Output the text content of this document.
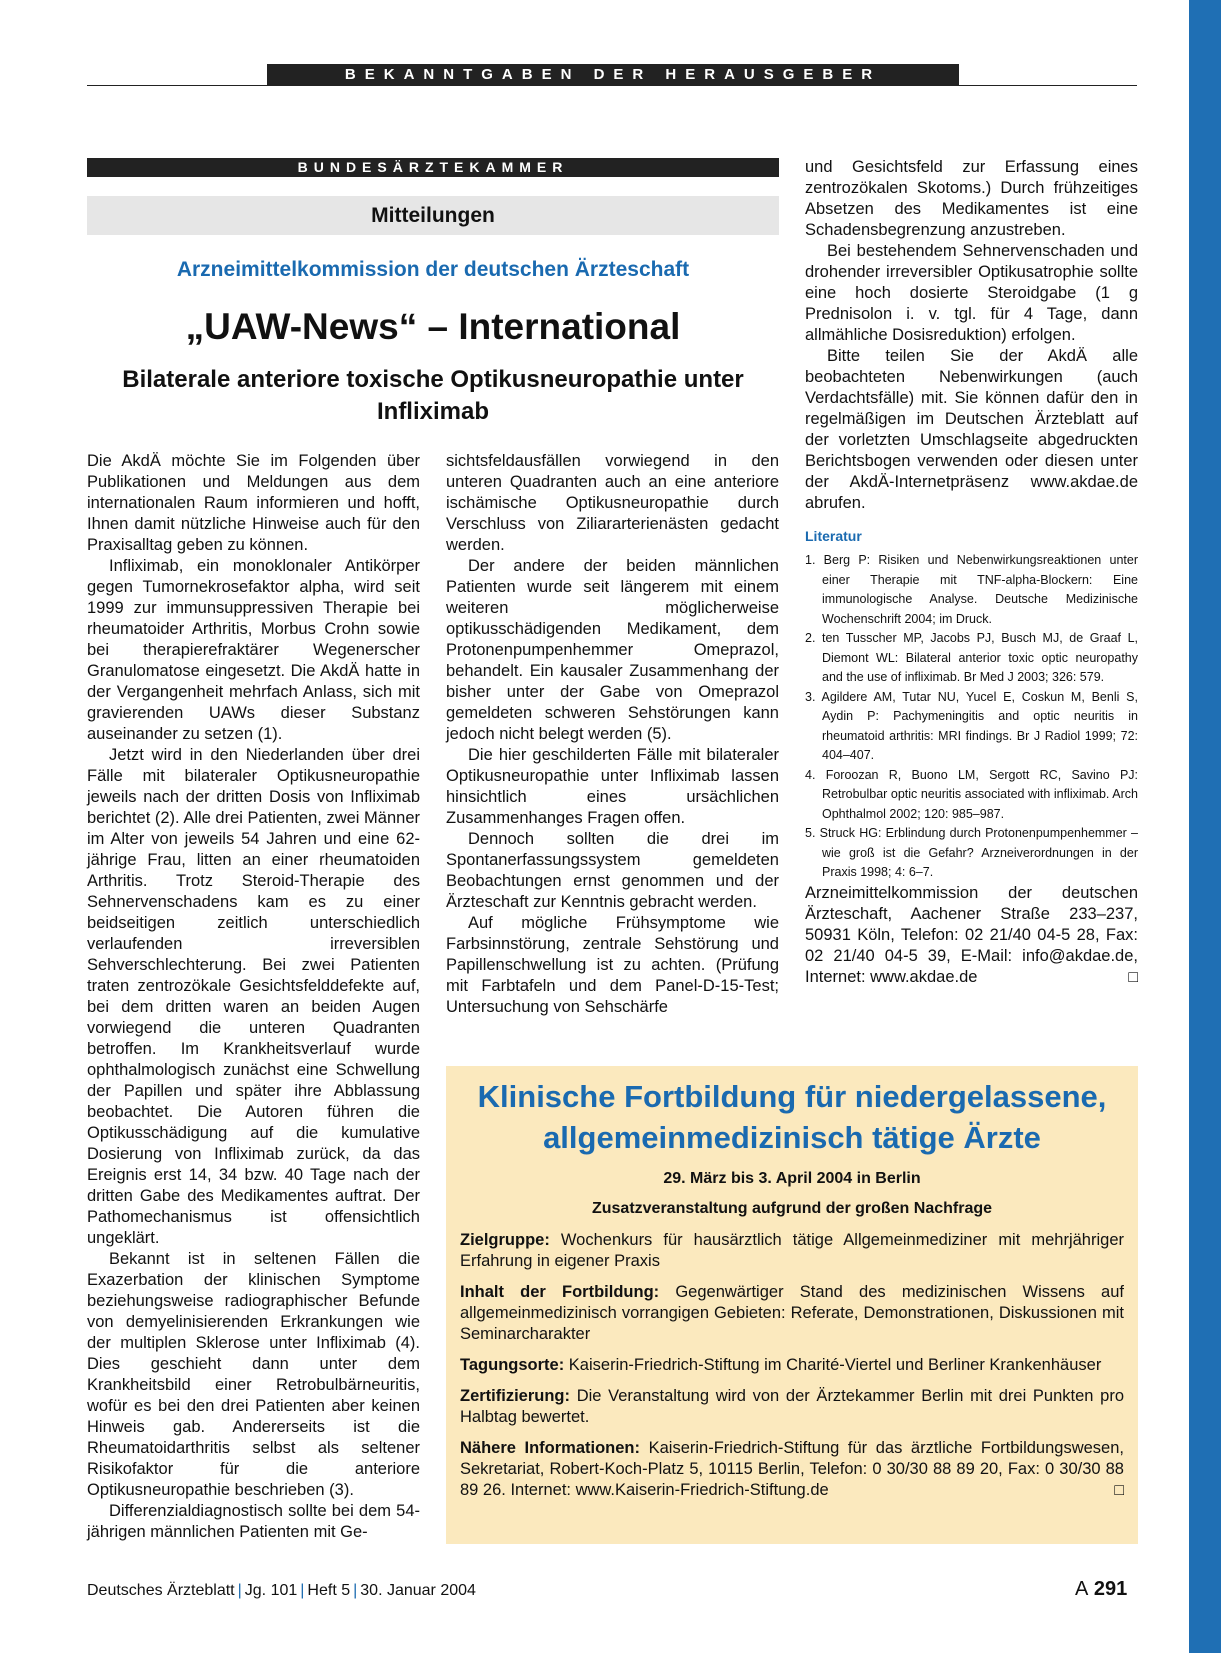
BEKANNTGABEN DER HERAUSGEBER
BUNDESÄRZTEKAMMER
Mitteilungen
Arzneimittelkommission der deutschen Ärzteschaft
„UAW-News“ – International
Bilaterale anteriore toxische Optikusneuropathie unter Infliximab

Die AkdÄ möchte Sie im Folgenden über Publikationen und Meldungen aus dem internationalen Raum informieren und hofft, Ihnen damit nützliche Hinweise auch für den Praxisalltag geben zu können.

Infliximab, ein monoklonaler Antikörper gegen Tumornekrosefaktor alpha, wird seit 1999 zur immunsuppressiven Therapie bei rheumatoider Arthritis, Morbus Crohn sowie bei therapierefraktärer Wegenerscher Granulomatose eingesetzt. Die AkdÄ hatte in der Vergangenheit mehrfach Anlass, sich mit gravierenden UAWs dieser Substanz auseinander zu setzen (1).

Jetzt wird in den Niederlanden über drei Fälle mit bilateraler Optikusneuropathie jeweils nach der dritten Dosis von Infliximab berichtet (2). Alle drei Patienten, zwei Männer im Alter von jeweils 54 Jahren und eine 62-jährige Frau, litten an einer rheumatoiden Arthritis. Trotz Steroid-Therapie des Sehnervenschadens kam es zu einer beidseitigen zeitlich unterschiedlich verlaufenden irreversiblen Sehverschlechterung. Bei zwei Patienten traten zentrozökale Gesichtsfelddefekte auf, bei dem dritten waren an beiden Augen vorwiegend die unteren Quadranten betroffen. Im Krankheitsverlauf wurde ophthalmologisch zunächst eine Schwellung der Papillen und später ihre Abblassung beobachtet. Die Autoren führen die Optikusschädigung auf die kumulative Dosierung von Infliximab zurück, da das Ereignis erst 14, 34 bzw. 40 Tage nach der dritten Gabe des Medikamentes auftrat. Der Pathomechanismus ist offensichtlich ungeklärt.

Bekannt ist in seltenen Fällen die Exazerbation der klinischen Symptome beziehungsweise radiographischer Befunde von demyelinisierenden Erkrankungen wie der multiplen Sklerose unter Infliximab (4). Dies geschieht dann unter dem Krankheitsbild einer Retrobulbärneuritis, wofür es bei den drei Patienten aber keinen Hinweis gab. Andererseits ist die Rheumatoidarthritis selbst als seltener Risikofaktor für die anteriore Optikusneuropathie beschrieben (3).

Differenzialdiagnostisch sollte bei dem 54-jährigen männlichen Patienten mit Ge-

sichtsfeldausfällen vorwiegend in den unteren Quadranten auch an eine anteriore ischämische Optikusneuropathie durch Verschluss von Ziliararterienästen gedacht werden.

Der andere der beiden männlichen Patienten wurde seit längerem mit einem weiteren möglicherweise optikusschädigenden Medikament, dem Protonenpumpenhemmer Omeprazol, behandelt. Ein kausaler Zusammenhang der bisher unter der Gabe von Omeprazol gemeldeten schweren Sehstörungen kann jedoch nicht belegt werden (5).

Die hier geschilderten Fälle mit bilateraler Optikusneuropathie unter Infliximab lassen hinsichtlich eines ursächlichen Zusammenhanges Fragen offen.

Dennoch sollten die drei im Spontanerfassungssystem gemeldeten Beobachtungen ernst genommen und der Ärzteschaft zur Kenntnis gebracht werden.

Auf mögliche Frühsymptome wie Farbsinnstörung, zentrale Sehstörung und Papillenschwellung ist zu achten. (Prüfung mit Farbtafeln und dem Panel-D-15-Test; Untersuchung von Sehschärfe

und Gesichtsfeld zur Erfassung eines zentrozökalen Skotoms.) Durch frühzeitiges Absetzen des Medikamentes ist eine Schadensbegrenzung anzustreben.

Bei bestehendem Sehnervenschaden und drohender irreversibler Optikusatrophie sollte eine hoch dosierte Steroidgabe (1 g Prednisolon i. v. tgl. für 4 Tage, dann allmähliche Dosisreduktion) erfolgen.

Bitte teilen Sie der AkdÄ alle beobachteten Nebenwirkungen (auch Verdachtsfälle) mit. Sie können dafür den in regelmäßigen im Deutschen Ärzteblatt auf der vorletzten Umschlagseite abgedruckten Berichtsbogen verwenden oder diesen unter der AkdÄ-Internetpräsenz www.akdae.de abrufen.

Literatur
1. Berg P: Risiken und Nebenwirkungsreaktionen unter einer Therapie mit TNF-alpha-Blockern: Eine immunologische Analyse. Deutsche Medizinische Wochenschrift 2004; im Druck.
2. ten Tusscher MP, Jacobs PJ, Busch MJ, de Graaf L, Diemont WL: Bilateral anterior toxic optic neuropathy and the use of infliximab. Br Med J 2003; 326: 579.
3. Agildere AM, Tutar NU, Yucel E, Coskun M, Benli S, Aydin P: Pachymeningitis and optic neuritis in rheumatoid arthritis: MRI findings. Br J Radiol 1999; 72: 404–407.
4. Foroozan R, Buono LM, Sergott RC, Savino PJ: Retrobulbar optic neuritis associated with infliximab. Arch Ophthalmol 2002; 120: 985–987.
5. Struck HG: Erblindung durch Protonenpumpenhemmer – wie groß ist die Gefahr? Arzneiverordnungen in der Praxis 1998; 4: 6–7.

Arzneimittelkommission der deutschen Ärzteschaft, Aachener Straße 233–237, 50931 Köln, Telefon: 02 21/40 04-5 28, Fax: 02 21/40 04-5 39, E-Mail: info@akdae.de, Internet: www.akdae.de	□

Klinische Fortbildung für niedergelassene, allgemeinmedizinisch tätige Ärzte
29. März bis 3. April 2004 in Berlin
Zusatzveranstaltung aufgrund der großen Nachfrage

Zielgruppe: Wochenkurs für hausärztlich tätige Allgemeinmediziner mit mehrjähriger Erfahrung in eigener Praxis

Inhalt der Fortbildung: Gegenwärtiger Stand des medizinischen Wissens auf allgemeinmedizinisch vorrangigen Gebieten: Referate, Demonstrationen, Diskussionen mit Seminarcharakter

Tagungsorte: Kaiserin-Friedrich-Stiftung im Charité-Viertel und Berliner Krankenhäuser

Zertifizierung: Die Veranstaltung wird von der Ärztekammer Berlin mit drei Punkten pro Halbtag bewertet.

Nähere Informationen: Kaiserin-Friedrich-Stiftung für das ärztliche Fortbildungswesen, Sekretariat, Robert-Koch-Platz 5, 10115 Berlin, Telefon: 0 30/30 88 89 20, Fax: 0 30/30 88 89 26. Internet: www.Kaiserin-Friedrich-Stiftung.de	□

Deutsches Ärzteblatt | Jg. 101 | Heft 5 | 30. Januar 2004	A 291
